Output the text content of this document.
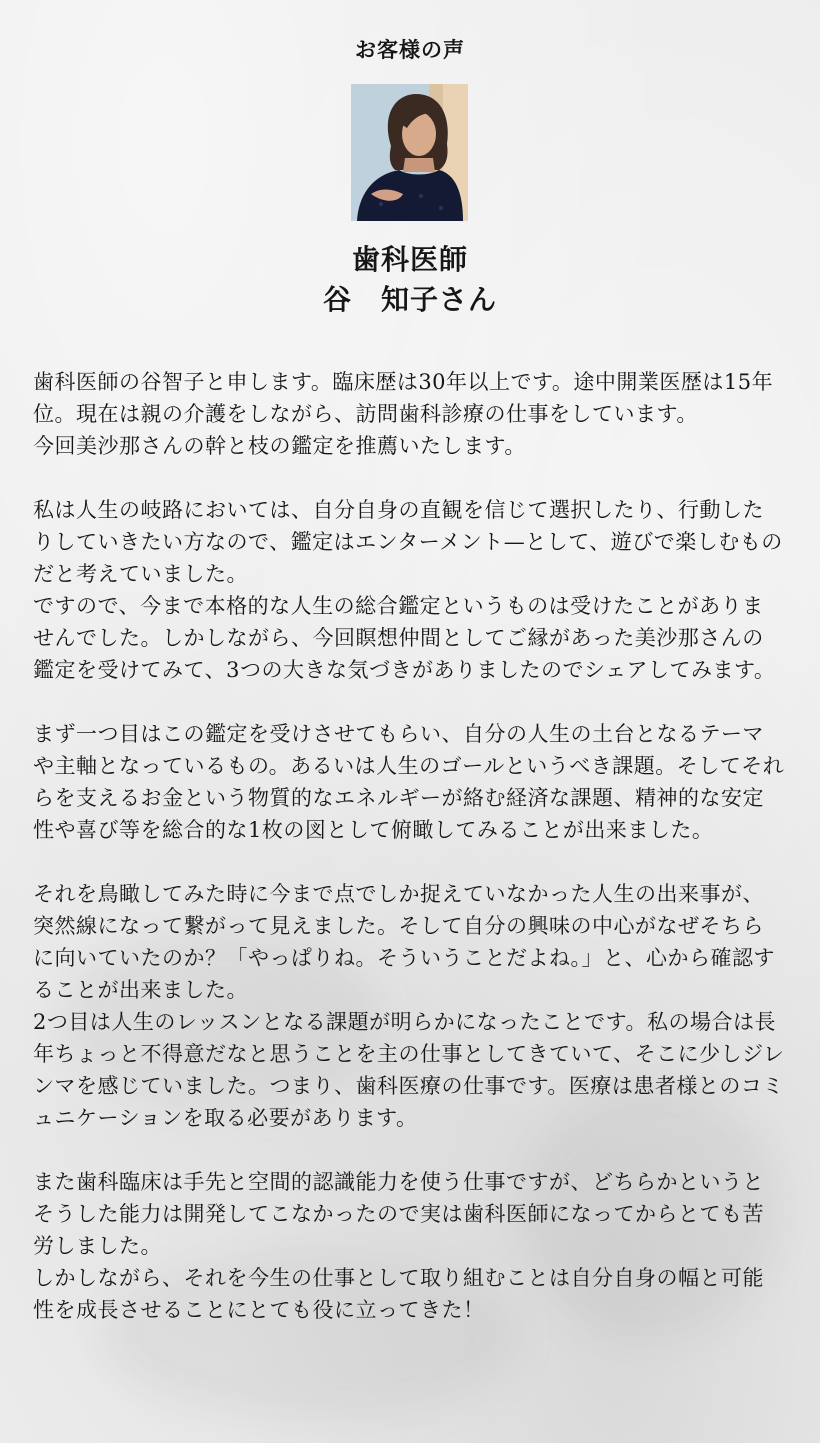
お客様の声
歯科医師
谷　知子さん

歯科医師の谷智子と申します。臨床歴は30年以上です。途中開業医歴は15年位。現在は親の介護をしながら、訪問歯科診療の仕事をしています。

今回美沙那さんの幹と枝の鑑定を推薦いたします。

私は人生の岐路においては、自分自身の直観を信じて選択したり、行動したりしていきたい方なので、鑑定はエンターメント—として、遊びで楽しむものだと考えていました。

ですので、今まで本格的な人生の総合鑑定というものは受けたことがありませんでした。しかしながら、今回瞑想仲間としてご縁があった美沙那さんの鑑定を受けてみて、3つの大きな気づきがありましたのでシェアしてみます。

まず一つ目はこの鑑定を受けさせてもらい、自分の人生の土台となるテーマや主軸となっているもの。あるいは人生のゴールというべき課題。そしてそれらを支えるお金という物質的なエネルギーが絡む経済な課題、精神的な安定性や喜び等を総合的な1枚の図として俯瞰してみることが出来ました。

それを鳥瞰してみた時に今まで点でしか捉えていなかった人生の出来事が、突然線になって繋がって見えました。そして自分の興味の中心がなぜそちらに向いていたのか？「やっぱりね。そういうことだよね。」と、心から確認することが出来ました。

2つ目は人生のレッスンとなる課題が明らかになったことです。私の場合は長年ちょっと不得意だなと思うことを主の仕事としてきていて、そこに少しジレンマを感じていました。つまり、歯科医療の仕事です。医療は患者様とのコミュニケーションを取る必要があります。

また歯科臨床は手先と空間的認識能力を使う仕事ですが、どちらかというとそうした能力は開発してこなかったので実は歯科医師になってからとても苦労しました。

しかしながら、それを今生の仕事として取り組むことは自分自身の幅と可能性を成長させることにとても役に立ってきた！
